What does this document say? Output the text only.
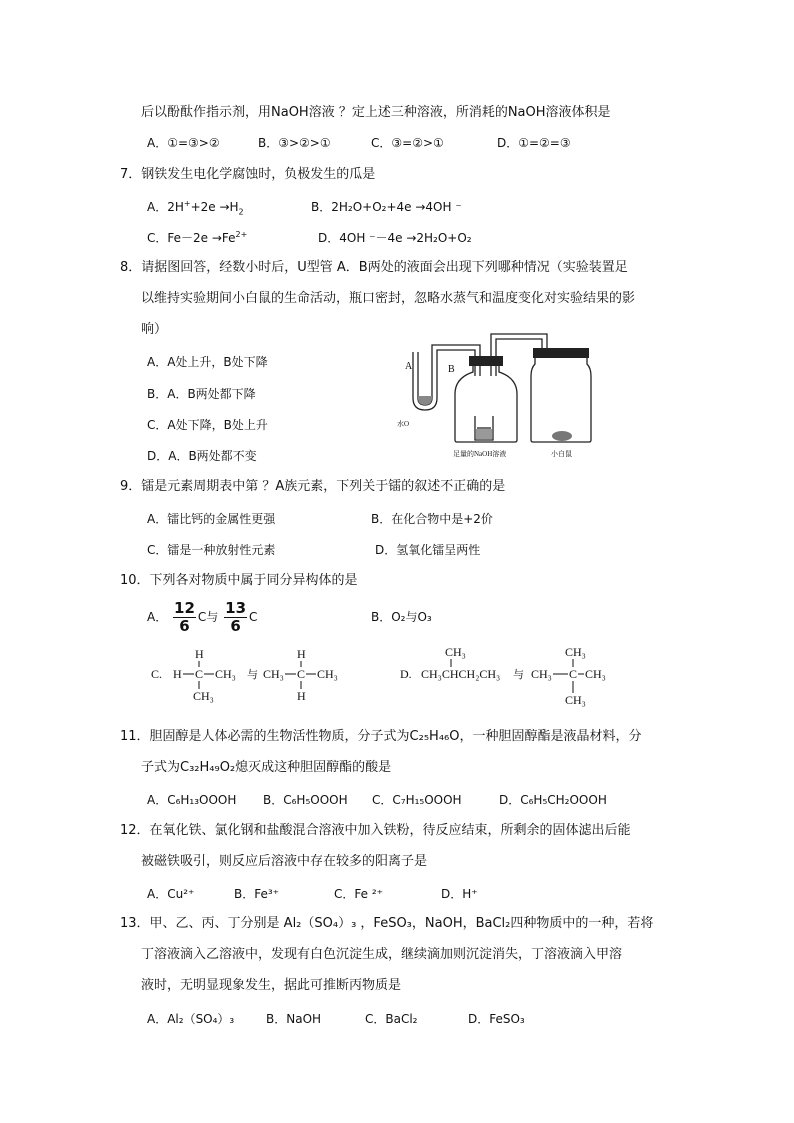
后以酚酞作指示剂，用NaOH溶液 ？定上述三种溶液，所消耗的NaOH溶液体积是
A．①=③>②	B．③>②>①	C．③=②>①	D．①=②=③
7．钢铁发生电化学腐蚀时，负极发生的瓜是
A．$2H^++2e \to H_2$	B．2H₂O+O₂+4e →4OH ⁻
C．$Fe-2e \to Fe^{2+}$	D．4OH ⁻－4e →2H₂O+O₂
8．请据图回答，经数小时后，U型管 A．B两处的液面会出现下列哪种情况（实验装置足
以维持实验期间小白鼠的生命活动，瓶口密封，忽略水蒸气和温度变化对实验结果的影
响）
A．A处上升，B处下降
B．A．B两处都下降
C．A处下降，B处上升
D．A．B两处都不变
A	B
水O
足量的NaOH溶液	小白鼠
9．镭是元素周期表中第 ？A族元素，下列关于镭的叙述不正确的是
A．镭比钙的金属性更强	B．在化合物中是+2价
C．镭是一种放射性元素	D．氢氧化镭呈两性
10．下列各对物质中属于同分异构体的是
A． $\frac{12}{6}$ C与 $\frac{13}{6}$ C	B．O₂与O₃
C.
H
H C CH₃
CH₃
与
H
CH₃ C CH₃
H
D.
CH₃
CH₃CHCH₂CH₃ 与
CH₃
CH₃ C CH₃
CH₃
11．胆固醇是人体必需的生物活性物质，分子式为C₂₅H₄₆O，一种胆固醇酯是液晶材料，分
子式为C₃₂H₄₉O₂熄灭成这种胆固醇酯的酸是
A．C₆H₁₃OOOH B．C₆H₅OOOH C．C₇H₁₅OOOH	D．C₆H₅CH₂OOOH
12．在氧化铁、氯化钢和盐酸混合溶液中加入铁粉，待反应结束，所剩余的固体滤出后能
被磁铁吸引，则反应后溶液中存在较多的阳离子是
A．Cu²⁺	B．Fe³⁺	C．Fe ²⁺	D．H⁺
13．甲、乙、丙、丁分别是 Al₂（SO₄）₃ ，FeSO₃，NaOH，BaCl₂四种物质中的一种，若将
丁溶液滴入乙溶液中，发现有白色沉淀生成，继续滴加则沉淀消失，丁溶液滴入甲溶
液时，无明显现象发生，据此可推断丙物质是
A．Al₂（SO₄）₃	B．NaOH	C．BaCl₂	D．FeSO₃
